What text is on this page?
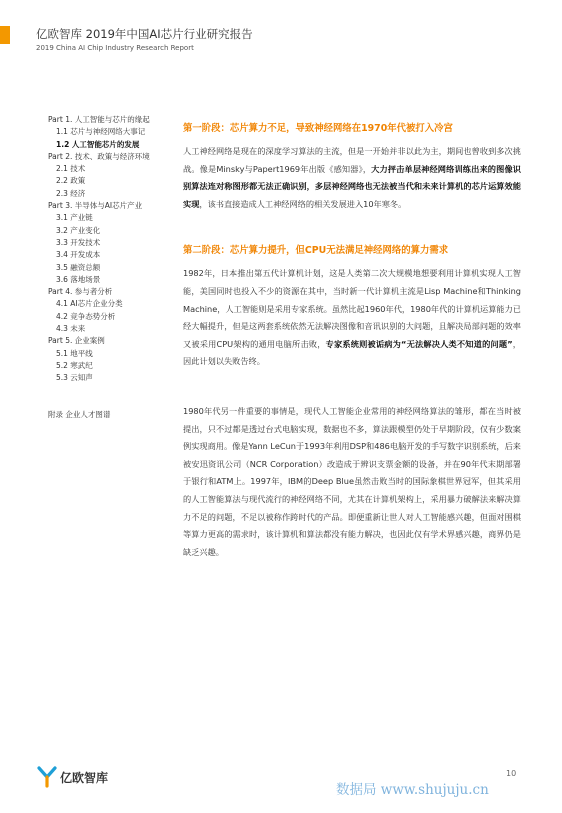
亿欧智库 2019年中国AI芯片行业研究报告
2019 China AI Chip Industry Research Report
Part 1. 人工智能与芯片的缘起
1.1 芯片与神经网络大事记
1.2 人工智能芯片的发展
Part 2. 技术、政策与经济环境
2.1 技术
2.2 政策
2.3 经济
Part 3. 半导体与AI芯片产业
3.1 产业链
3.2 产业变化
3.3 开发技术
3.4 开发成本
3.5 融资总额
3.6 落地场景
Part 4. 参与者分析
4.1 AI芯片企业分类
4.2 竞争态势分析
4.3 未来
Part 5. 企业案例
5.1 地平线
5.2 寒武纪
5.3 云知声
附录 企业人才图谱
第一阶段：芯片算力不足，导致神经网络在1970年代被打入冷宫

人工神经网络是现在的深度学习算法的主流，但是一开始并非以此为主，期间也曾收到多次挑战。像是Minsky与Papert1969年出版《感知器》，大力抨击单层神经网络训练出来的图像识别算法连对称图形都无法正确识别，多层神经网络也无法被当代和未来计算机的芯片运算效能实现，该书直接造成人工神经网络的相关发展进入10年寒冬。

第二阶段：芯片算力提升，但CPU无法满足神经网络的算力需求

1982年，日本推出第五代计算机计划，这是人类第二次大规模地想要利用计算机实现人工智能，美国同时也投入不少的资源在其中，当时新一代计算机主流是Lisp Machine和Thinking Machine，人工智能则是采用专家系统。虽然比起1960年代，1980年代的计算机运算能力已经大幅提升，但是这两套系统依然无法解决图像和音讯识别的大问题，且解决局部问题的效率又被采用CPU架构的通用电脑所击败，专家系统则被诟病为“无法解决人类不知道的问题”，因此计划以失败告终。

1980年代另一件重要的事情是，现代人工智能企业常用的神经网络算法的雏形，都在当时被提出，只不过都是透过台式电脑实现，数据也不多，算法跟模型仍处于早期阶段，仅有少数案例实现商用。像是Yann LeCun于1993年利用DSP和486电脑开发的手写数字识别系统，后来被安迅资讯公司（NCR Corporation）改造成于辨识支票金额的设备，并在90年代末期部署于银行和ATM上。1997年，IBM的Deep Blue虽然击败当时的国际象棋世界冠军，但其采用的人工智能算法与现代流行的神经网络不同，尤其在计算机架构上，采用暴力破解法来解决算力不足的问题，不足以被称作跨时代的产品。即便重新让世人对人工智能感兴趣，但面对围棋等算力更高的需求时，该计算机和算法都没有能力解决，也因此仅有学术界感兴趣，商界仍是缺乏兴趣。

亿欧智库	10
数据局 www.shujuju.cn
